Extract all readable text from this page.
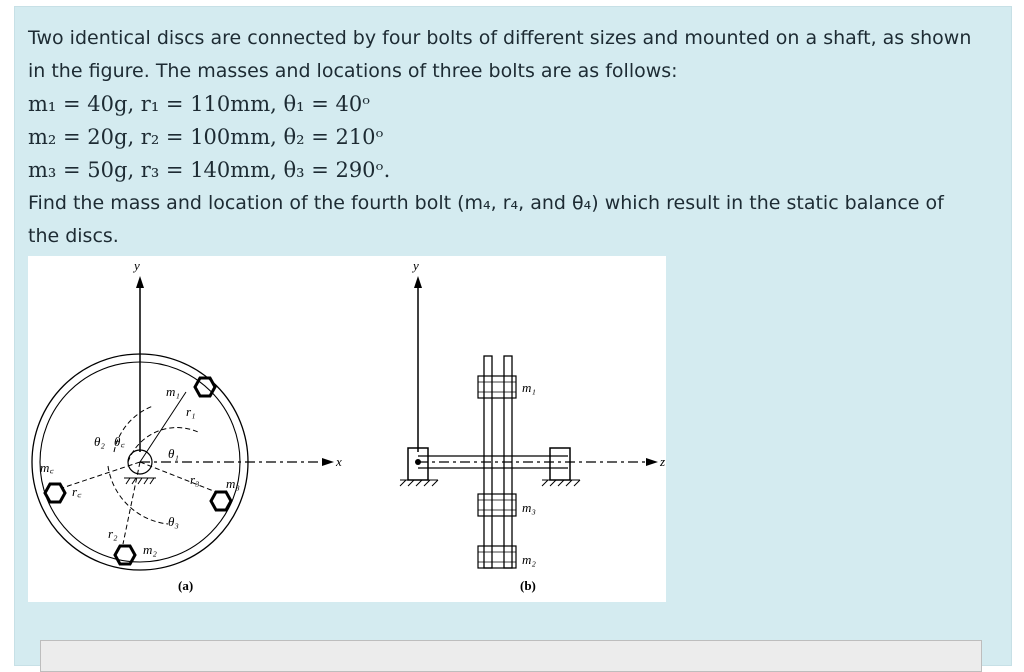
Two identical discs are connected by four bolts of different sizes and mounted on a shaft, as shown in the figure. The masses and locations of three bolts are as follows:
m₁ = 40g, r₁ = 110mm, θ₁ = 40ᵒ
m₂ = 20g, r₂ = 100mm, θ₂ = 210ᵒ
m₃ = 50g, r₃ = 140mm, θ₃ = 290ᵒ.
Find the mass and location of the fourth bolt (m₄, r₄, and θ₄) which result in the static balance of the discs.
y
x
m₁
r₁
θ₁
m₃
r₃
θ₃
m₂
r₂
θ₂ θ꜀
m꜀
r꜀
(a)
y
z
m₁
m₃
m₂
(b)
